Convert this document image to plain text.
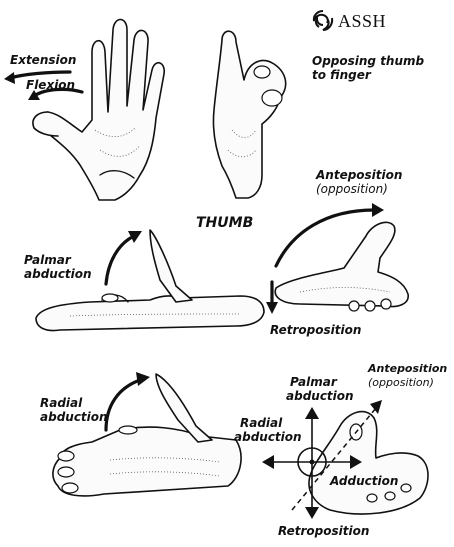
ASSH
Extension
Flexion
Opposing thumb
to finger
THUMB
Palmar
abduction
Anteposition
(opposition)
Retroposition
Radial
abduction
Palmar
abduction
Anteposition
(opposition)
Radial
abduction
Adduction
Retroposition
